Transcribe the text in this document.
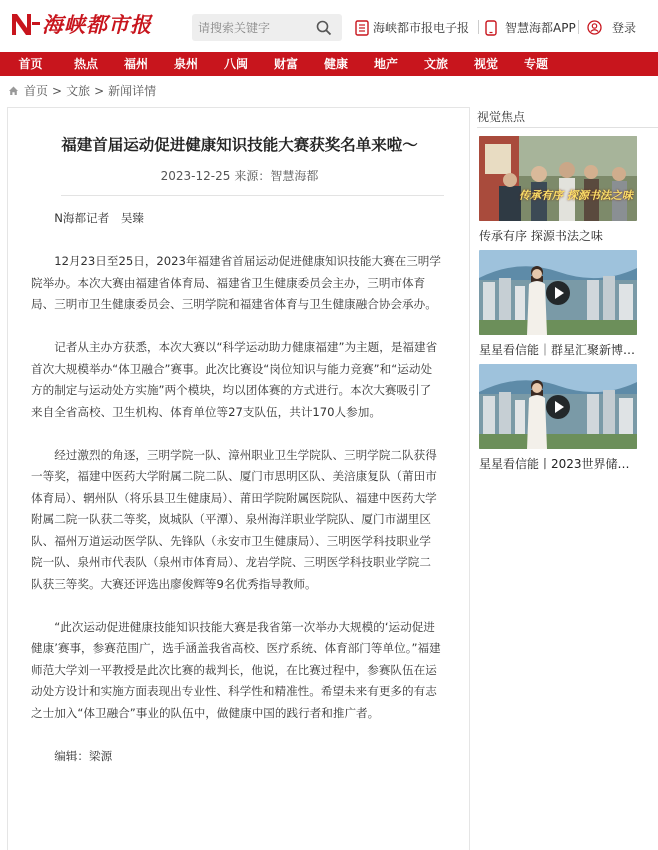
海峡都市报
请搜索关键字	海峡都市报电子报	智慧海都APP	登录
首页	热点	福州	泉州	八闽	财富	健康	地产	文旅	视觉	专题
首页 > 文旅 > 新闻详情
福建首届运动促进健康知识技能大赛获奖名单来啦～
2023-12-25 来源：智慧海都

N海都记者　吴臻

12月23日至25日，2023年福建省首届运动促进健康知识技能大赛在三明学院举办。本次大赛由福建省体育局、福建省卫生健康委员会主办，三明市体育局、三明市卫生健康委员会、三明学院和福建省体育与卫生健康融合协会承办。

记者从主办方获悉，本次大赛以“科学运动助力健康福建”为主题，是福建省首次大规模举办“体卫融合”赛事。此次比赛设“岗位知识与能力竞赛”和“运动处方的制定与运动处方实施”两个模块，均以团体赛的方式进行。本次大赛吸引了来自全省高校、卫生机构、体育单位等27支队伍，共计170人参加。

经过激烈的角逐，三明学院一队、漳州职业卫生学院队、三明学院二队获得一等奖，福建中医药大学附属二院二队、厦门市思明区队、美涪康复队（莆田市体育局）、辋州队（将乐县卫生健康局）、莆田学院附属医院队、福建中医药大学附属二院一队获二等奖，岚城队（平潭）、泉州海洋职业学院队、厦门市湖里区队、福州万道运动医学队、先锋队（永安市卫生健康局）、三明医学科技职业学院一队、泉州市代表队（泉州市体育局）、龙岩学院、三明医学科技职业学院二队获三等奖。大赛还评选出廖俊辉等9名优秀指导教师。

“此次运动促进健康技能知识技能大赛是我省第一次举办大规模的‘运动促进健康’赛事，参赛范围广，选手涵盖我省高校、医疗系统、体育部门等单位。”福建师范大学刘一平教授是此次比赛的裁判长，他说，在比赛过程中，参赛队伍在运动处方设计和实施方面表现出专业性、科学性和精准性。希望未来有更多的有志之士加入“体卫融合”事业的队伍中，做健康中国的践行者和推广者。

编辑：梁源

视觉焦点
传承有序 探源书法之味
传承有序 探源书法之味
星星看信能｜群星汇聚新博…
星星看信能丨2023世界储…
